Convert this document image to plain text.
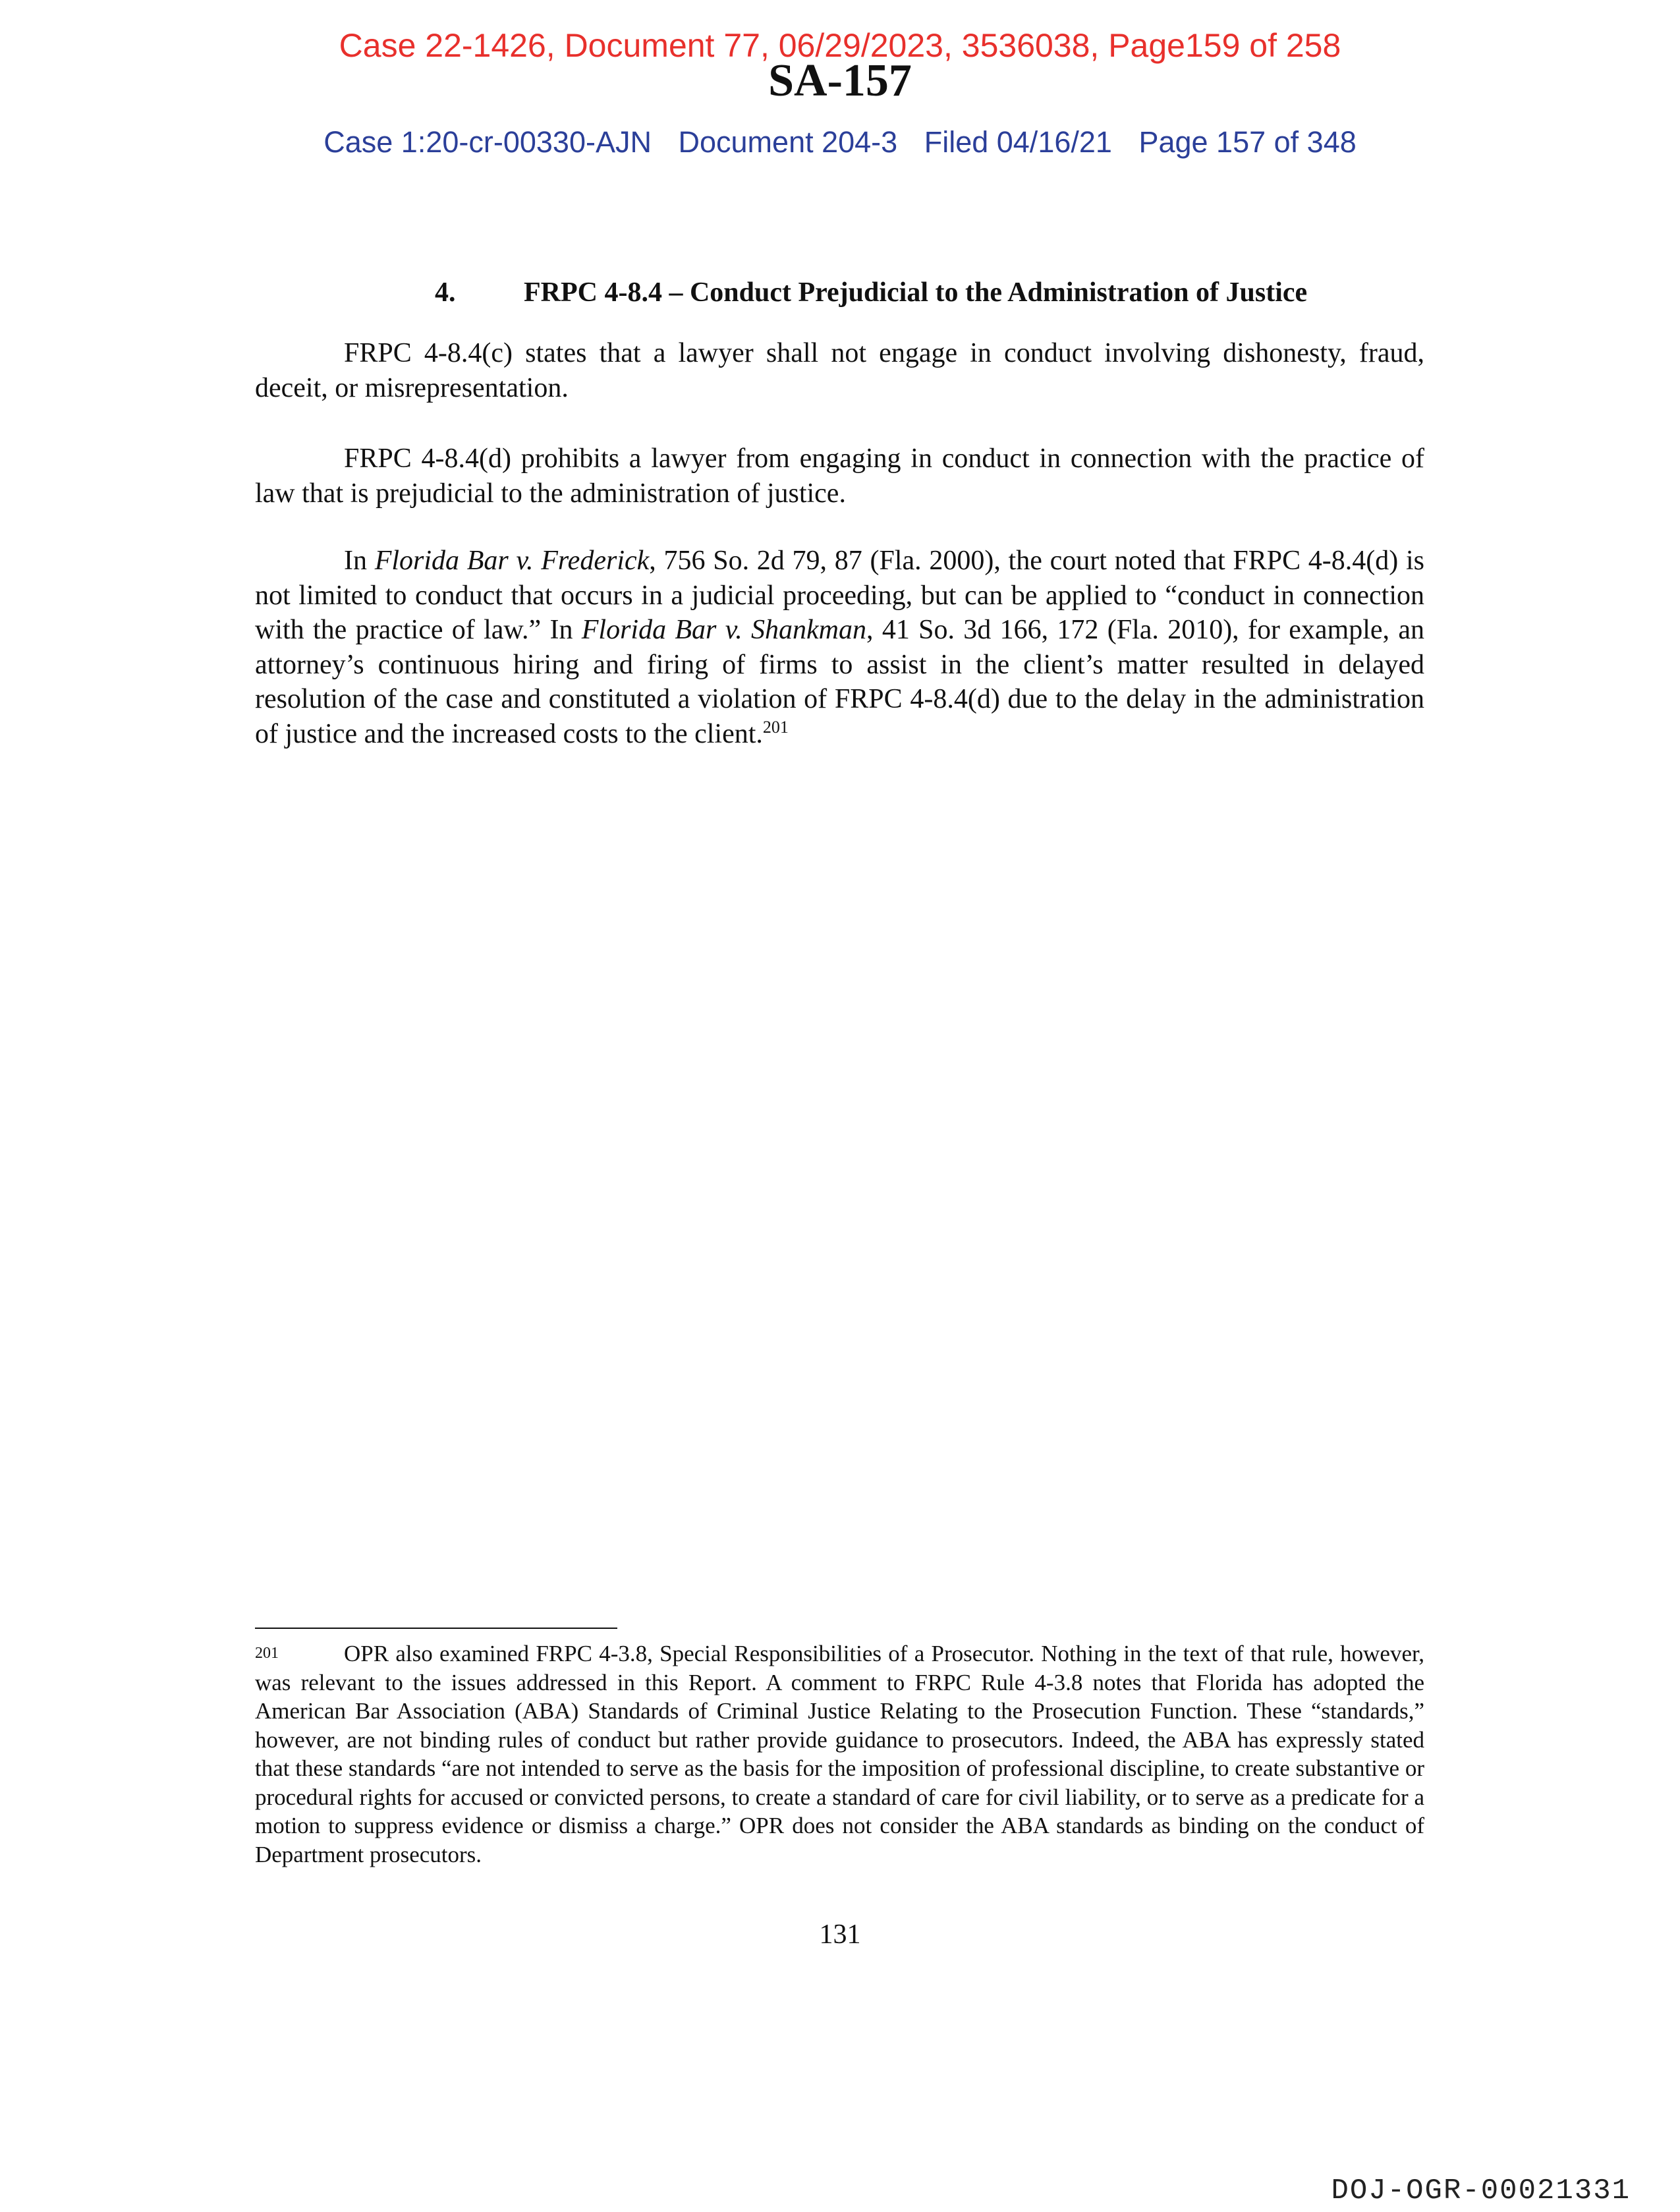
Case 22-1426, Document 77, 06/29/2023, 3536038, Page159 of 258
SA-157
Case 1:20-cr-00330-AJN Document 204-3 Filed 04/16/21 Page 157 of 348
4. FRPC 4-8.4 – Conduct Prejudicial to the Administration of Justice

FRPC 4-8.4(c) states that a lawyer shall not engage in conduct involving dishonesty, fraud, deceit, or misrepresentation.

FRPC 4-8.4(d) prohibits a lawyer from engaging in conduct in connection with the practice of law that is prejudicial to the administration of justice.

In Florida Bar v. Frederick, 756 So. 2d 79, 87 (Fla. 2000), the court noted that FRPC 4-8.4(d) is not limited to conduct that occurs in a judicial proceeding, but can be applied to “conduct in connection with the practice of law.” In Florida Bar v. Shankman, 41 So. 3d 166, 172 (Fla. 2010), for example, an attorney’s continuous hiring and firing of firms to assist in the client’s matter resulted in delayed resolution of the case and constituted a violation of FRPC 4-8.4(d) due to the delay in the administration of justice and the increased costs to the client.$^{201}$

201	OPR also examined FRPC 4-3.8, Special Responsibilities of a Prosecutor. Nothing in the text of that rule, however, was relevant to the issues addressed in this Report. A comment to FRPC Rule 4-3.8 notes that Florida has adopted the American Bar Association (ABA) Standards of Criminal Justice Relating to the Prosecution Function. These “standards,” however, are not binding rules of conduct but rather provide guidance to prosecutors. Indeed, the ABA has expressly stated that these standards “are not intended to serve as the basis for the imposition of professional discipline, to create substantive or procedural rights for accused or convicted persons, to create a standard of care for civil liability, or to serve as a predicate for a motion to suppress evidence or dismiss a charge.” OPR does not consider the ABA standards as binding on the conduct of Department prosecutors.

131
DOJ-OGR-00021331
